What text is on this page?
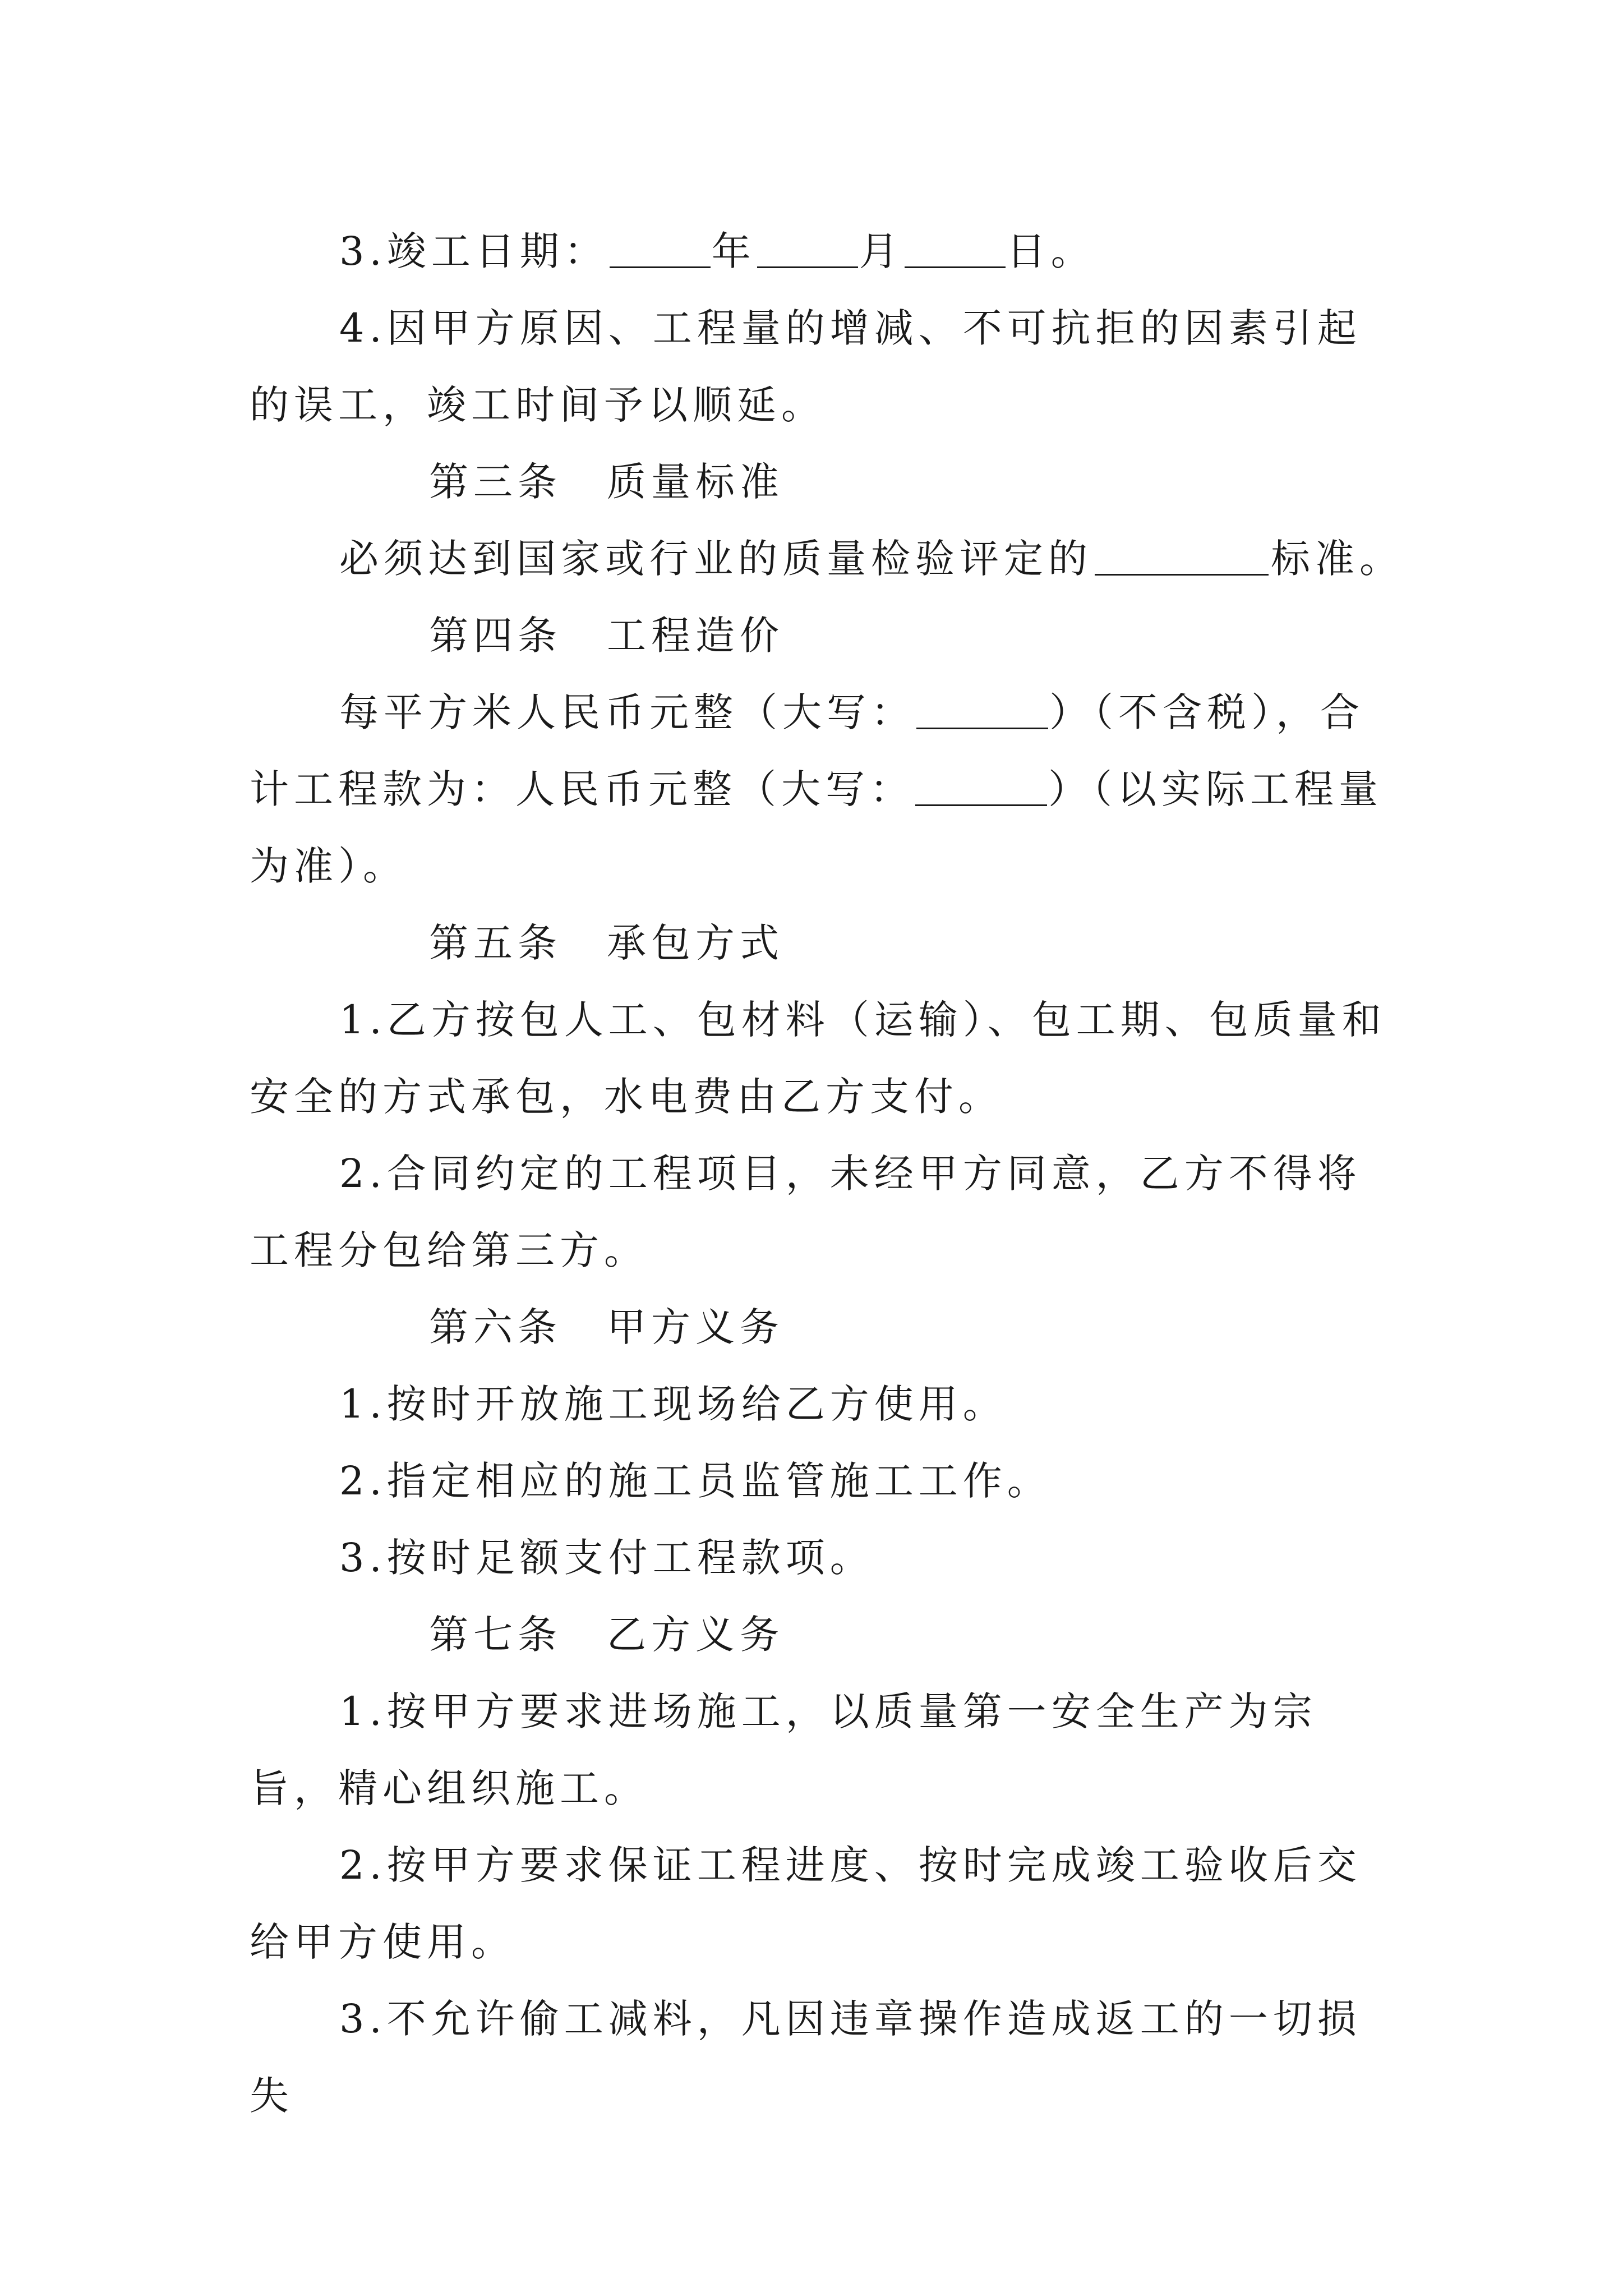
3.竣工日期：	年	月	日。

4.因甲方原因、工程量的增减、不可抗拒的因素引起的误工，竣工时间予以顺延。

第三条 质量标准

必须达到国家或行业的质量检验评定的	标准。

第四条 工程造价

每平方米人民币元整（大写：	）（不含税），合计工程款为：人民币元整（大写：	）（以实际工程量为准）。

第五条 承包方式

1.乙方按包人工、包材料（运输）、包工期、包质量和安全的方式承包，水电费由乙方支付。

2.合同约定的工程项目，未经甲方同意，乙方不得将工程分包给第三方。

第六条 甲方义务

1.按时开放施工现场给乙方使用。

2.指定相应的施工员监管施工工作。

3.按时足额支付工程款项。

第七条 乙方义务

1.按甲方要求进场施工，以质量第一安全生产为宗旨，精心组织施工。

2.按甲方要求保证工程进度、按时完成竣工验收后交给甲方使用。

3.不允许偷工减料，凡因违章操作造成返工的一切损失
